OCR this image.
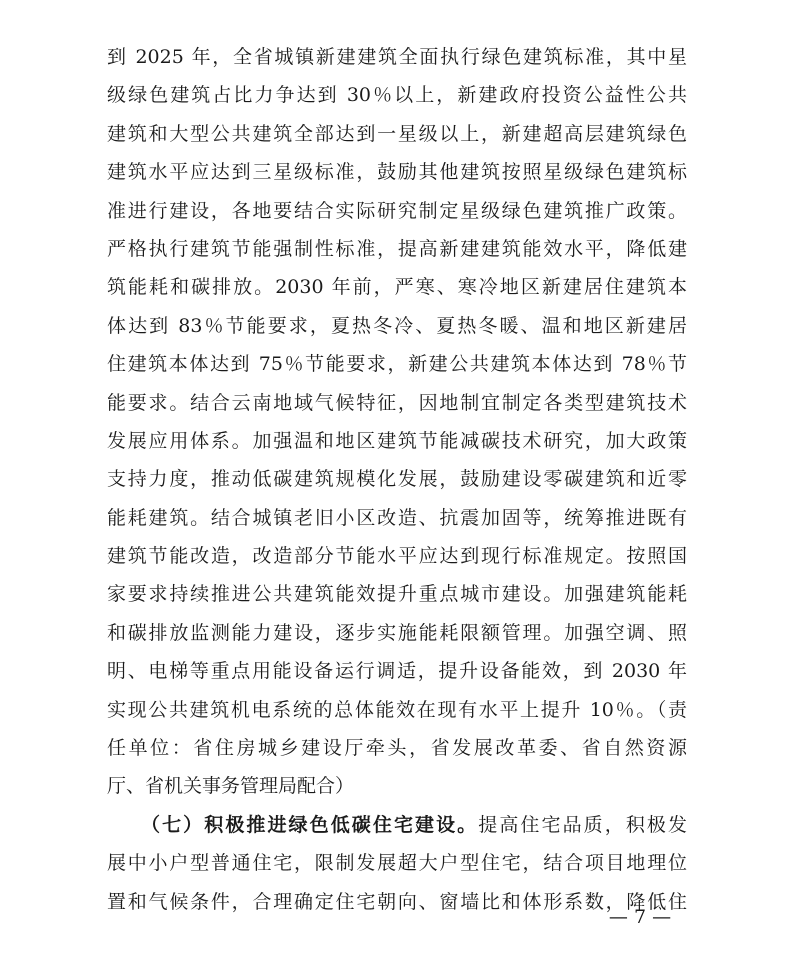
到 2025 年，全省城镇新建建筑全面执行绿色建筑标准，其中星
级绿色建筑占比力争达到 30％以上，新建政府投资公益性公共
建筑和大型公共建筑全部达到一星级以上，新建超高层建筑绿色
建筑水平应达到三星级标准，鼓励其他建筑按照星级绿色建筑标
准进行建设，各地要结合实际研究制定星级绿色建筑推广政策。
严格执行建筑节能强制性标准，提高新建建筑能效水平，降低建
筑能耗和碳排放。2030 年前，严寒、寒冷地区新建居住建筑本
体达到 83％节能要求，夏热冬冷、夏热冬暖、温和地区新建居
住建筑本体达到 75％节能要求，新建公共建筑本体达到 78％节
能要求。结合云南地域气候特征，因地制宜制定各类型建筑技术
发展应用体系。加强温和地区建筑节能减碳技术研究，加大政策
支持力度，推动低碳建筑规模化发展，鼓励建设零碳建筑和近零
能耗建筑。结合城镇老旧小区改造、抗震加固等，统筹推进既有
建筑节能改造，改造部分节能水平应达到现行标准规定。按照国
家要求持续推进公共建筑能效提升重点城市建设。加强建筑能耗
和碳排放监测能力建设，逐步实施能耗限额管理。加强空调、照
明、电梯等重点用能设备运行调适，提升设备能效，到 2030 年
实现公共建筑机电系统的总体能效在现有水平上提升 10％。（责
任单位：省住房城乡建设厅牵头，省发展改革委、省自然资源
厅、省机关事务管理局配合）
（七）积极推进绿色低碳住宅建设。提高住宅品质，积极发
展中小户型普通住宅，限制发展超大户型住宅，结合项目地理位
置和气候条件，合理确定住宅朝向、窗墙比和体形系数，降低住
— 7 —
